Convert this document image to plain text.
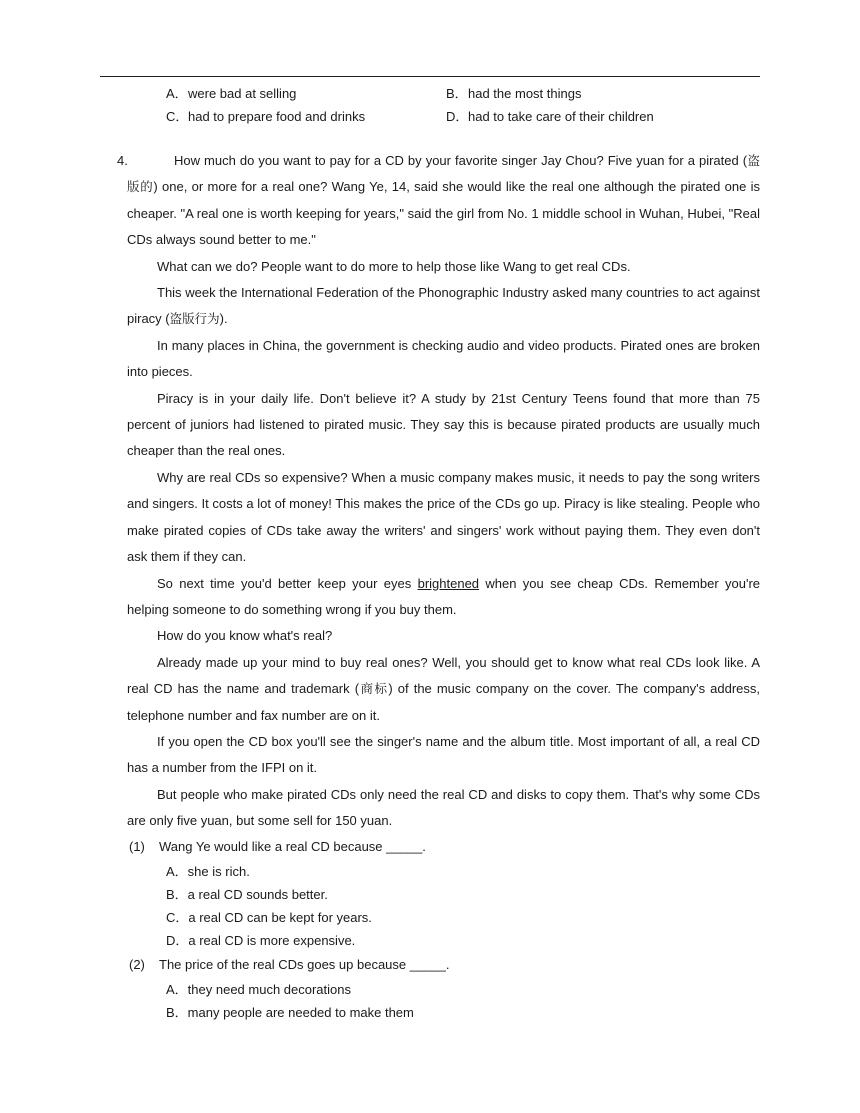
A．were bad at selling	B．had the most things
C．had to prepare food and drinks	D．had to take care of their children
4.	How much do you want to pay for a CD by your favorite singer Jay Chou? Five yuan for a pirated (盗版的) one, or more for a real one? Wang Ye, 14, said she would like the real one although the pirated one is cheaper. "A real one is worth keeping for years," said the girl from No. 1 middle school in Wuhan, Hubei, "Real CDs always sound better to me."

What can we do? People want to do more to help those like Wang to get real CDs.

This week the International Federation of the Phonographic Industry asked many countries to act against piracy (盗版行为).

In many places in China, the government is checking audio and video products. Pirated ones are broken into pieces.

Piracy is in your daily life. Don't believe it? A study by 21st Century Teens found that more than 75 percent of juniors had listened to pirated music. They say this is because pirated products are usually much cheaper than the real ones.

Why are real CDs so expensive? When a music company makes music, it needs to pay the song writers and singers. It costs a lot of money! This makes the price of the CDs go up. Piracy is like stealing. People who make pirated copies of CDs take away the writers' and singers' work without paying them. They even don't ask them if they can.

So next time you'd better keep your eyes brightened when you see cheap CDs. Remember you're helping someone to do something wrong if you buy them.

How do you know what's real?

Already made up your mind to buy real ones? Well, you should get to know what real CDs look like. A real CD has the name and trademark (商标) of the music company on the cover. The company's address, telephone number and fax number are on it.

If you open the CD box you'll see the singer's name and the album title. Most important of all, a real CD has a number from the IFPI on it.

But people who make pirated CDs only need the real CD and disks to copy them. That's why some CDs are only five yuan, but some sell for 150 yuan.

(1) Wang Ye would like a real CD because _____.
A．she is rich.
B．a real CD sounds better.
C．a real CD can be kept for years.
D．a real CD is more expensive.
(2) The price of the real CDs goes up because _____.
A．they need much decorations
B．many people are needed to make them
